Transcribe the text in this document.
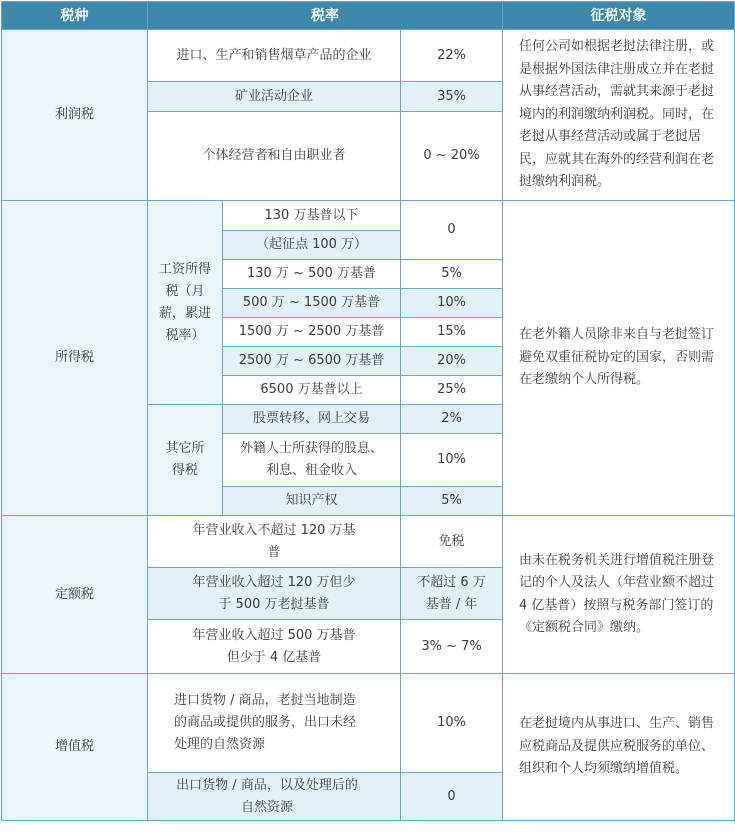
税种	税率			征税对象
利润税	进口、生产和销售烟草产品的企业		22%	任何公司如根据老挝法律注册，或是根据外国法律注册成立并在老挝从事经营活动，需就其来源于老挝境内的利润缴纳利润税。同时，在老挝从事经营活动或属于老挝居民，应就其在海外的经营利润在老挝缴纳利润税。
	矿业活动企业		35%	
	个体经营者和自由职业者		0 ~ 20%	
所得税	工资所得税（月薪，累进税率）	130 万基普以下	0	在老外籍人员除非来自与老挝签订避免双重征税协定的国家，否则需在老缴纳个人所得税。
		（起征点 100 万）		
		130 万 ~ 500 万基普	5%	
		500 万 ~ 1500 万基普	10%	
		1500 万 ~ 2500 万基普	15%	
		2500 万 ~ 6500 万基普	20%	
		6500 万基普以上	25%	
	其它所得税	股票转移、网上交易	2%	
		外籍人士所获得的股息、利息、租金收入	10%	
		知识产权	5%	
定额税	年营业收入不超过 120 万基普		免税	由未在税务机关进行增值税注册登记的个人及法人（年营业额不超过 4 亿基普）按照与税务部门签订的《定额税合同》缴纳。
	年营业收入超过 120 万但少于 500 万老挝基普		不超过 6 万基普 / 年	
	年营业收入超过 500 万基普但少于 4 亿基普		3% ~ 7%	
增值税	进口货物 / 商品，老挝当地制造的商品或提供的服务，出口未经处理的自然资源		10%	在老挝境内从事进口、生产、销售应税商品及提供应税服务的单位、组织和个人均须缴纳增值税。
	出口货物 / 商品，以及处理后的自然资源		0	
